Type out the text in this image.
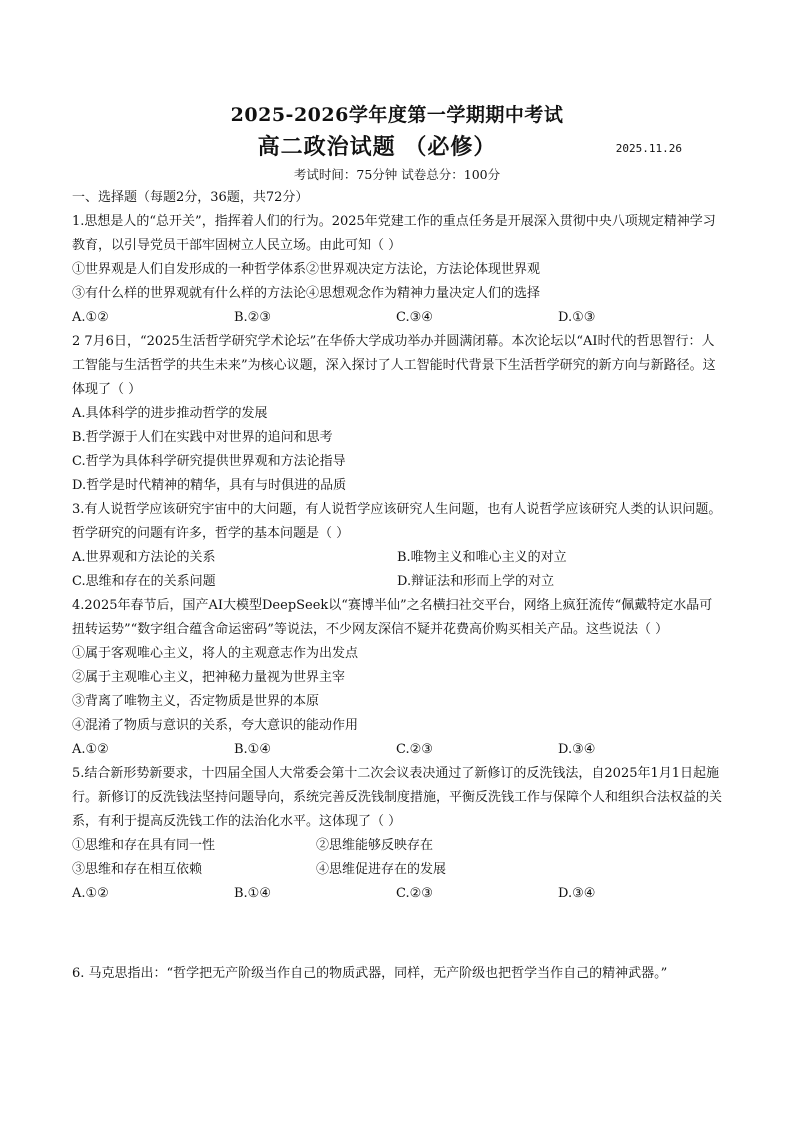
2025-2026学年度第一学期期中考试
高二政治试题 （必修）	2025.11.26
考试时间：75分钟 试卷总分：100分
一、选择题（每题2分，36题，共72分）
1.思想是人的“总开关”，指挥着人们的行为。2025年党建工作的重点任务是开展深入贯彻中央八项规定精神学习教育，以引导党员干部牢固树立人民立场。由此可知（ ）
①世界观是人们自发形成的一种哲学体系②世界观决定方法论，方法论体现世界观
③有什么样的世界观就有什么样的方法论④思想观念作为精神力量决定人们的选择
A.①②	B.②③	C.③④	D.①③
2 7月6日，“2025生活哲学研究学术论坛”在华侨大学成功举办并圆满闭幕。本次论坛以“AI时代的哲思智行：人工智能与生活哲学的共生未来”为核心议题，深入探讨了人工智能时代背景下生活哲学研究的新方向与新路径。这体现了（ ）
A.具体科学的进步推动哲学的发展
B.哲学源于人们在实践中对世界的追问和思考
C.哲学为具体科学研究提供世界观和方法论指导
D.哲学是时代精神的精华，具有与时俱进的品质
3.有人说哲学应该研究宇宙中的大问题，有人说哲学应该研究人生问题，也有人说哲学应该研究人类的认识问题。哲学研究的问题有许多，哲学的基本问题是（ ）
A.世界观和方法论的关系	B.唯物主义和唯心主义的对立
C.思维和存在的关系问题	D.辩证法和形而上学的对立
4.2025年春节后，国产AI大模型DeepSeek以“赛博半仙”之名横扫社交平台，网络上疯狂流传“佩戴特定水晶可扭转运势”“数字组合蕴含命运密码”等说法，不少网友深信不疑并花费高价购买相关产品。这些说法（ ）
①属于客观唯心主义，将人的主观意志作为出发点
②属于主观唯心主义，把神秘力量视为世界主宰
③背离了唯物主义，否定物质是世界的本原
④混淆了物质与意识的关系，夸大意识的能动作用
A.①②	B.①④	C.②③	D.③④
5.结合新形势新要求，十四届全国人大常委会第十二次会议表决通过了新修订的反洗钱法，自2025年1月1日起施行。新修订的反洗钱法坚持问题导向，系统完善反洗钱制度措施，平衡反洗钱工作与保障个人和组织合法权益的关系，有利于提高反洗钱工作的法治化水平。这体现了（ ）
①思维和存在具有同一性	②思维能够反映存在
③思维和存在相互依赖	④思维促进存在的发展
A.①②	B.①④	C.②③	D.③④
6. 马克思指出：“哲学把无产阶级当作自己的物质武器，同样，无产阶级也把哲学当作自己的精神武器。”
